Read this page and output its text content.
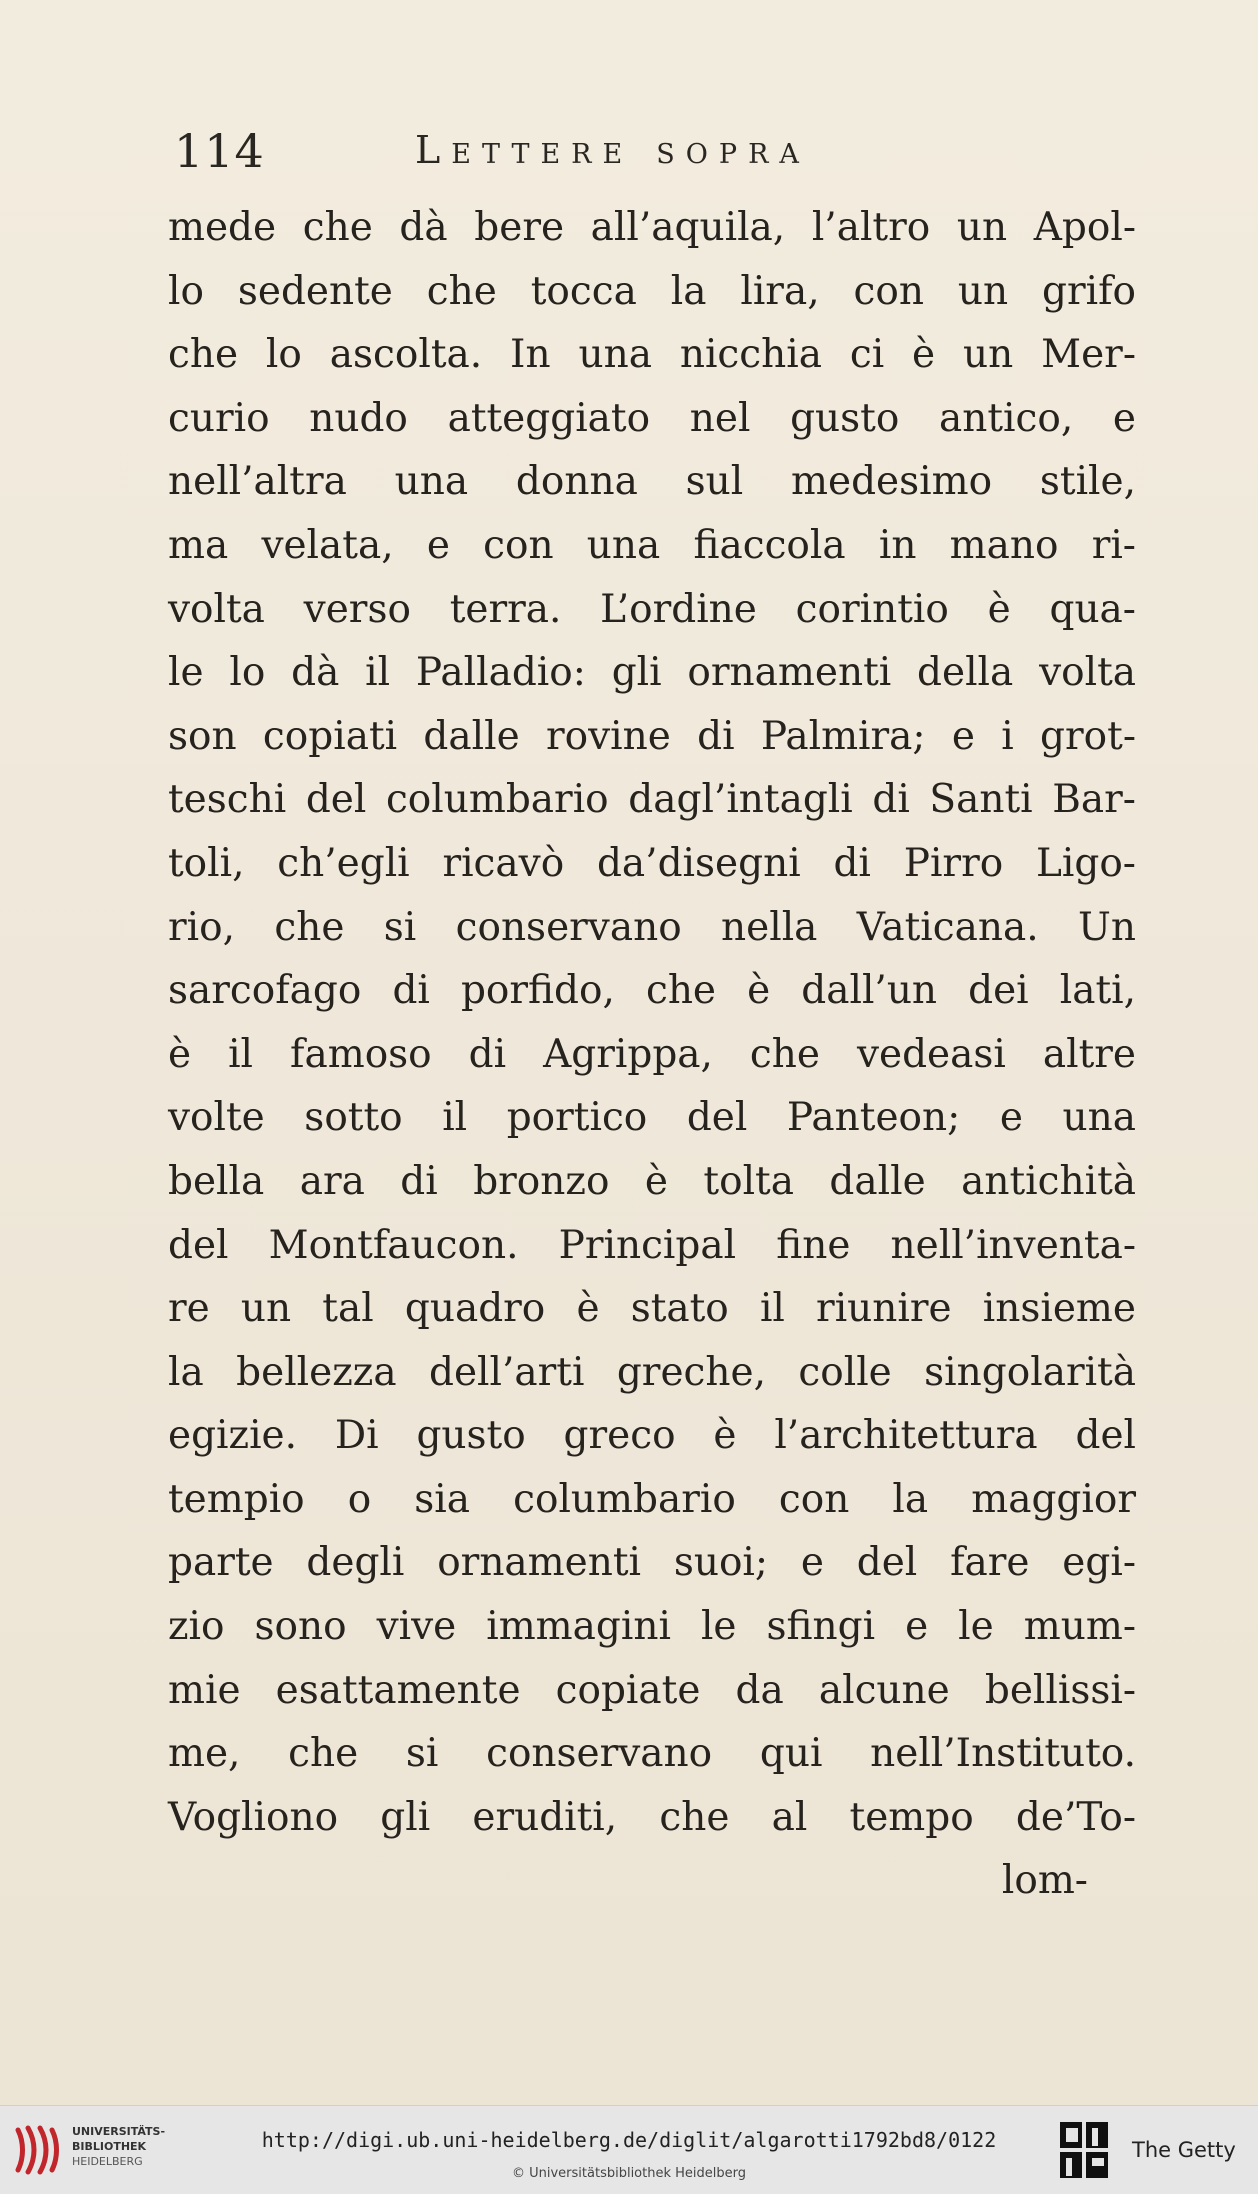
114	Lettere sopra
mede che dà bere all’aquila, l’altro un Apol-
lo sedente che tocca la lira, con un grifo
che lo ascolta. In una nicchia ci è un Mer-
curio nudo atteggiato nel gusto antico, e
nell’altra una donna sul medesimo stile,
ma velata, e con una fiaccola in mano ri-
volta verso terra. L’ordine corintio è qua-
le lo dà il Palladio: gli ornamenti della volta
son copiati dalle rovine di Palmira; e i grot-
teschi del columbario dagl’intagli di Santi Bar-
toli, ch’egli ricavò da’disegni di Pirro Ligo-
rio, che si conservano nella Vaticana. Un
sarcofago di porfido, che è dall’un dei lati,
è il famoso di Agrippa, che vedeasi altre
volte sotto il portico del Panteon; e una
bella ara di bronzo è tolta dalle antichità
del Montfaucon. Principal fine nell’inventa-
re un tal quadro è stato il riunire insieme
la bellezza dell’arti greche, colle singolarità
egizie. Di gusto greco è l’architettura del
tempio o sia columbario con la maggior
parte degli ornamenti suoi; e del fare egi-
zio sono vive immagini le sfingi e le mum-
mie esattamente copiate da alcune bellissi-
me, che si conservano qui nell’Instituto.
Vogliono gli eruditi, che al tempo de’To-
lom-
UNIVERSITÄTS-
BIBLIOTHEK
HEIDELBERG
http://digi.ub.uni-heidelberg.de/diglit/algarotti1792bd8/0122
© Universitätsbibliothek Heidelberg
The Getty
